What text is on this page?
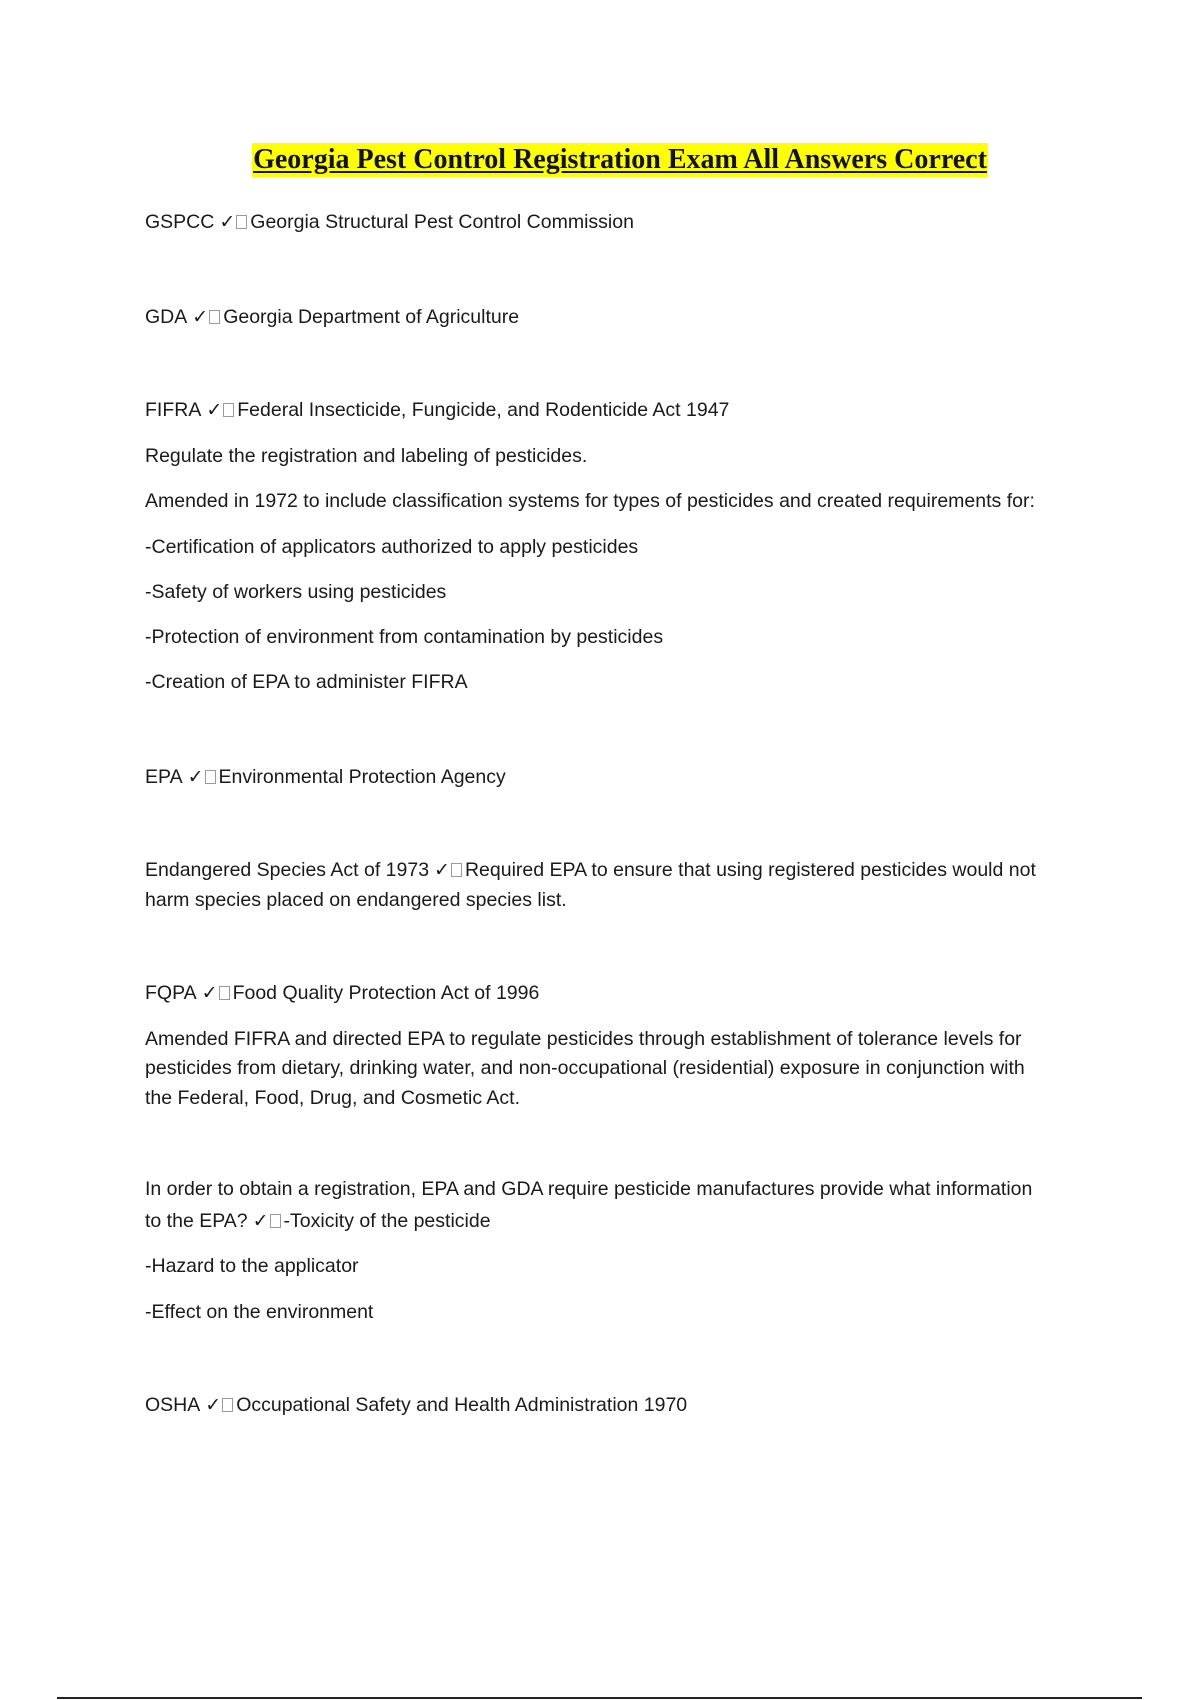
Georgia Pest Control Registration Exam All Answers Correct
GSPCC ✓ Georgia Structural Pest Control Commission
GDA ✓ Georgia Department of Agriculture
FIFRA ✓ Federal Insecticide, Fungicide, and Rodenticide Act 1947
Regulate the registration and labeling of pesticides.
Amended in 1972 to include classification systems for types of pesticides and created requirements for:
-Certification of applicators authorized to apply pesticides
-Safety of workers using pesticides
-Protection of environment from contamination by pesticides
-Creation of EPA to administer FIFRA
EPA ✓ Environmental Protection Agency
Endangered Species Act of 1973 ✓ Required EPA to ensure that using registered pesticides would not
harm species placed on endangered species list.
FQPA ✓ Food Quality Protection Act of 1996
Amended FIFRA and directed EPA to regulate pesticides through establishment of tolerance levels for
pesticides from dietary, drinking water, and non-occupational (residential) exposure in conjunction with
the Federal, Food, Drug, and Cosmetic Act.
In order to obtain a registration, EPA and GDA require pesticide manufactures provide what information
to the EPA? ✓ -Toxicity of the pesticide
-Hazard to the applicator
-Effect on the environment
OSHA ✓ Occupational Safety and Health Administration 1970
